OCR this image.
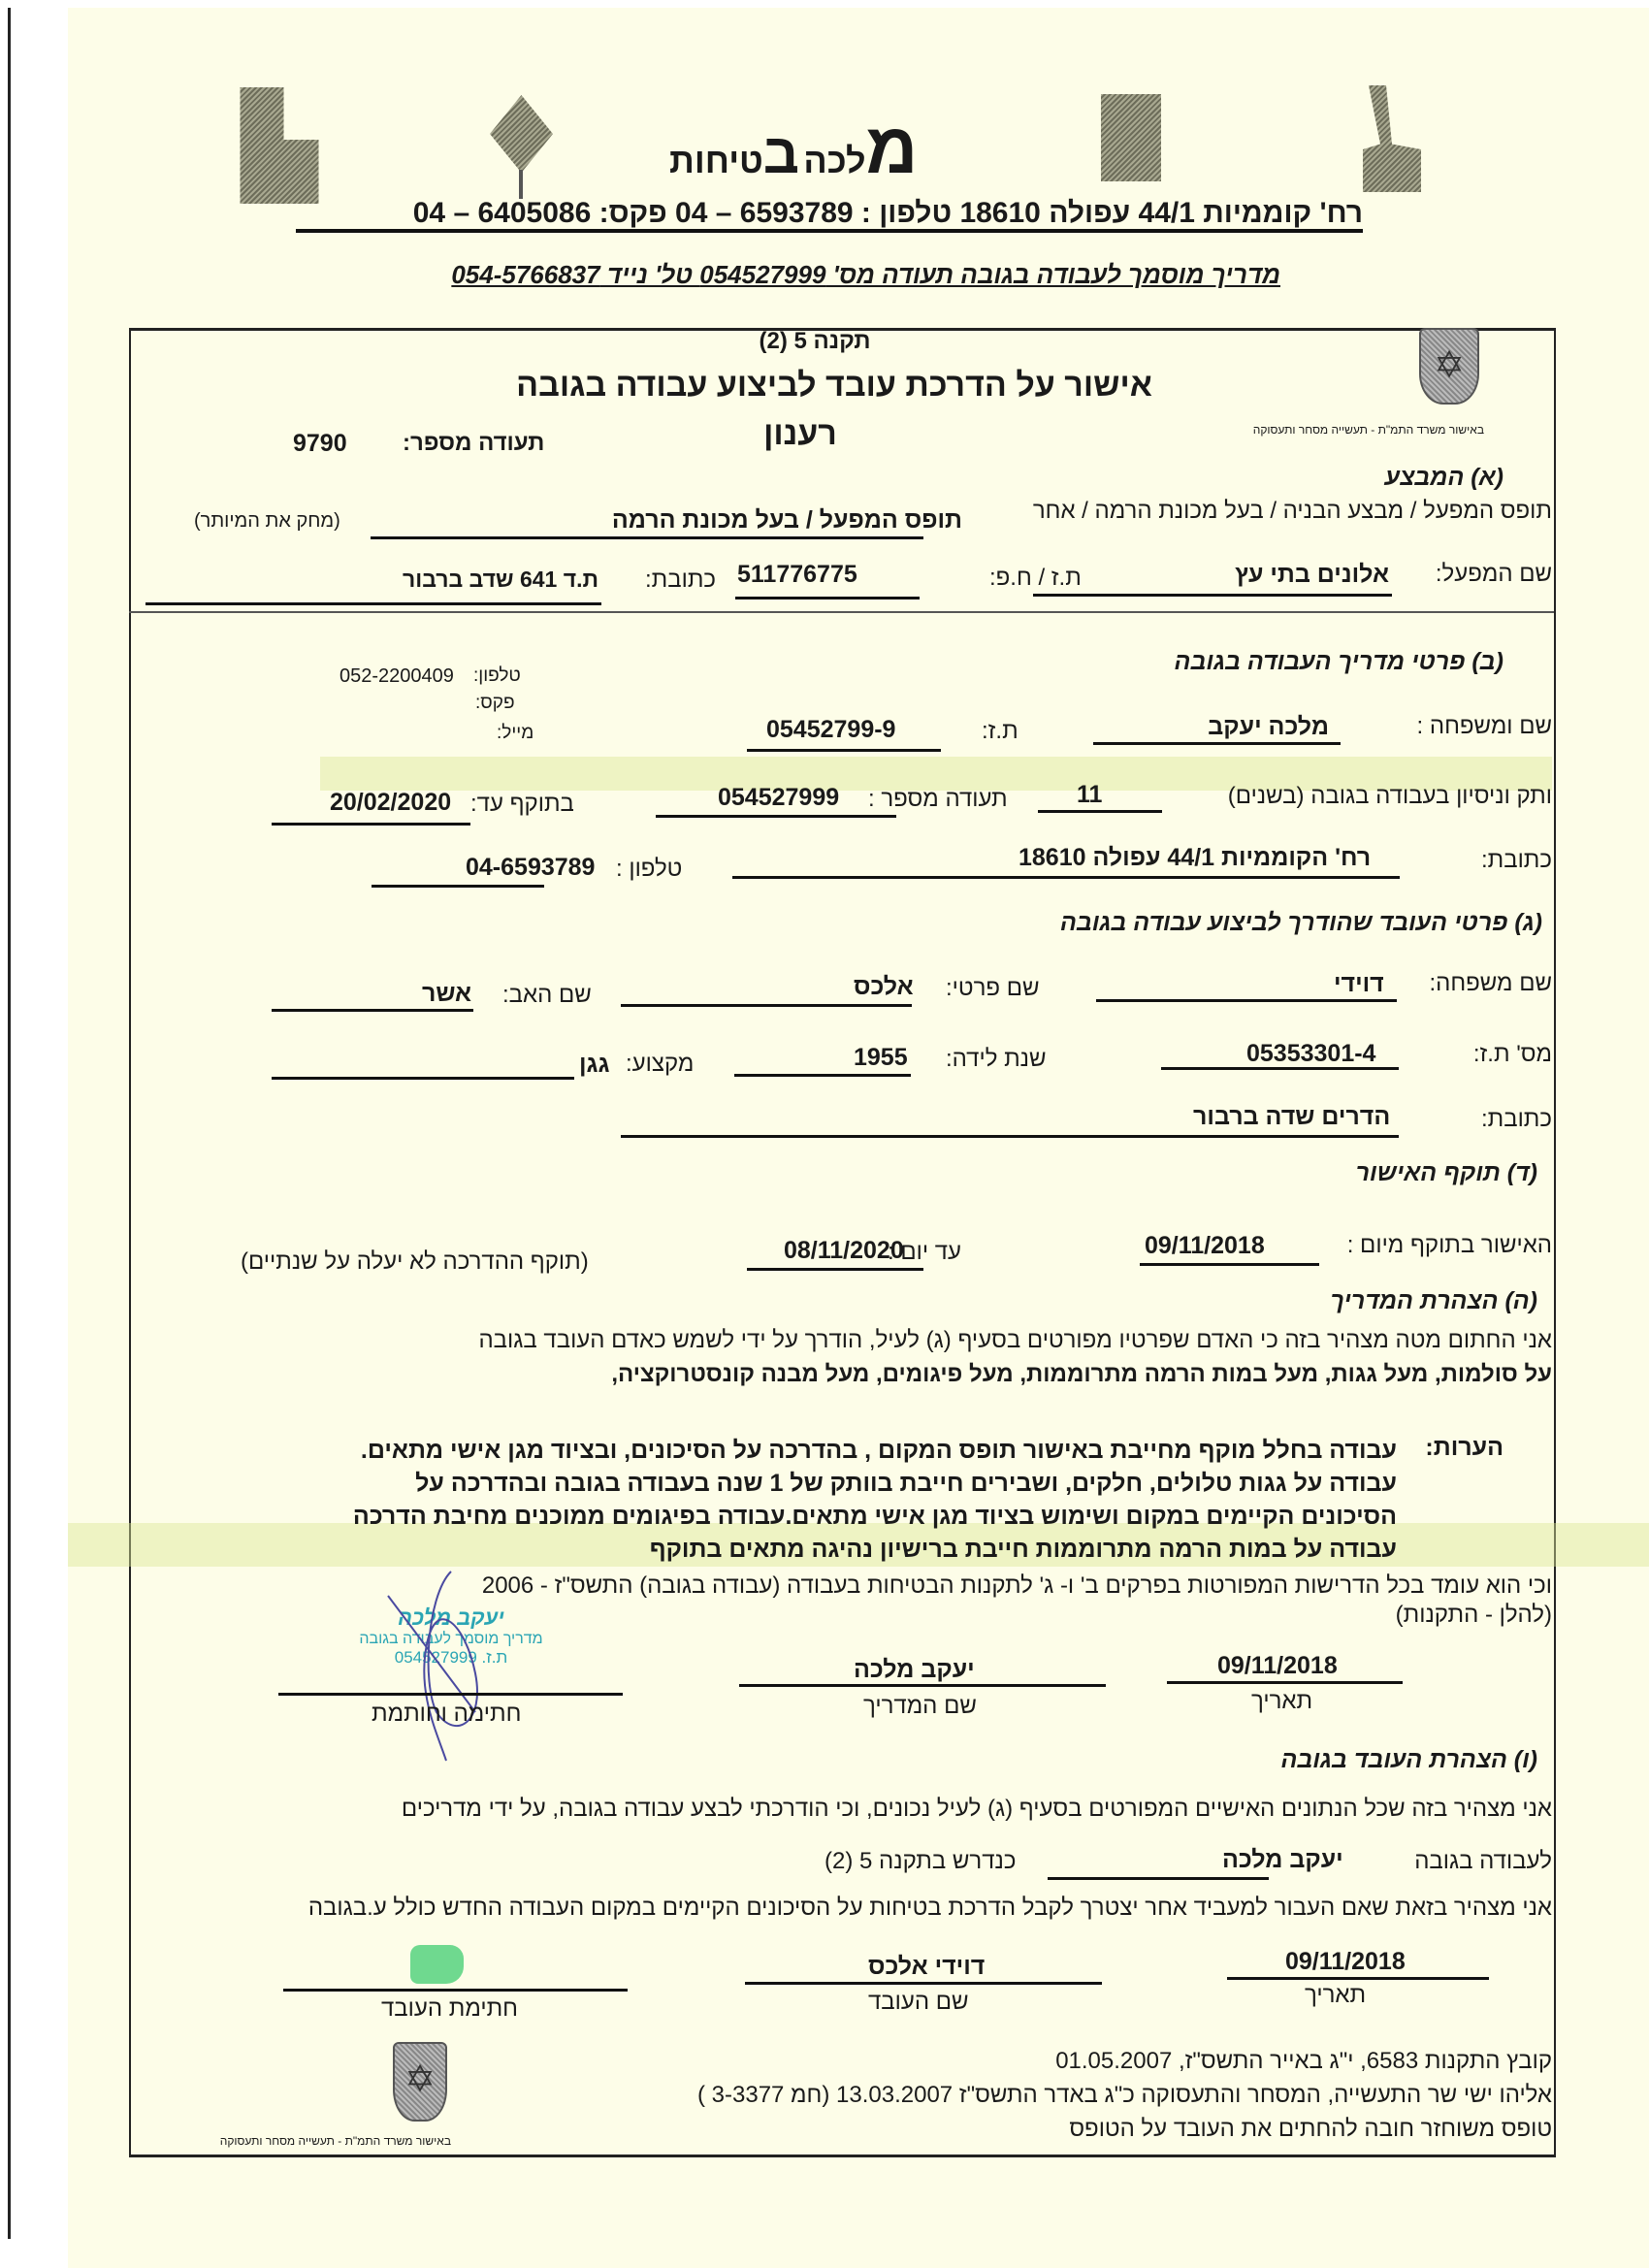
מלכה בטיחות
רח' קוממיות 44/1 עפולה 18610 טלפון : 6593789 – 04 פקס: 6405086 – 04
מדריך מוסמך לעבודה בגובה תעודה מס' 054527999 טל' נייד 054-5766837
✡
באישור משרד התמ"ת - תעשייה מסחר ותעסוקה
תקנה 5 (2)
אישור על הדרכת עובד לביצוע עבודה בגובה
רענון
תעודה מספר:
9790
(א) המבצע
תופס המפעל / מבצע הבניה / בעל מכונת הרמה / אחר
תופס המפעל / בעל מכונת הרמה
(מחק את המיותר)
שם המפעל:
אלונים בתי עץ
ת.ז / ח.פ:
511776775
כתובת:
ת.ד 641 שדב ברבור
(ב) פרטי מדריך העבודה בגובה
טלפון:
052-2200409
פקס:
מייל:	שם ומשפחה :
מלכה יעקב
ת.ז:
05452799-9
ותק וניסיון בעבודה בגובה (בשנים)
11
תעודה מספר :
054527999
בתוקף עד:
20/02/2020
כתובת:
רח' הקוממיות 44/1 עפולה 18610
טלפון :
04-6593789
(ג) פרטי העובד שהודרך לביצוע עבודה בגובה
שם משפחה:
דוידי
שם פרטי:
אלכס
שם האב:
אשר
מס' ת.ז:
05353301-4
שנת לידה:
1955
מקצוע:
גגן
כתובת:
הדרים שדה ברבור
(ד) תוקף האישור
האישור בתוקף מיום :
09/11/2018
עד יום :
08/11/2020
(תוקף ההדרכה לא יעלה על שנתיים)
(ה) הצהרת המדריך
אני החתום מטה מצהיר בזה כי האדם שפרטיו מפורטים בסעיף (ג) לעיל, הודרך על ידי לשמש כאדם העובד בגובה
על סולמות, מעל גגות, מעל במות הרמה מתרוממות, מעל פיגומים, מעל מבנה קונסטרוקציה,
הערות:
עבודה בחלל מוקף מחייבת באישור תופס המקום , בהדרכה על הסיכונים, ובציוד מגן אישי מתאים.
עבודה על גגות טלולים, חלקים, ושבירים חייבת בוותק של 1 שנה בעבודה בגובה ובהדרכה על
הסיכונים הקיימים במקום ושימוש בציוד מגן אישי מתאים.עבודה בפיגומים ממוכנים מחיבת הדרכה
עבודה על במות הרמה מתרוממות חייבת ברישיון נהיגה מתאים בתוקף
וכי הוא עומד בכל הדרישות המפורטות בפרקים ב' ו- ג' לתקנות הבטיחות בעבודה (עבודה בגובה) התשס"ז - 2006
(להלן - התקנות)
יעקב מלכה
מדריך מוסמך לעבודה בגובה
ת.ז. 054527999	09/11/2018
תאריך
יעקב מלכה
שם המדריך
חתימה וחותמת
(ו) הצהרת העובד בגובה
אני מצהיר בזה שכל הנתונים האישיים המפורטים בסעיף (ג) לעיל נכונים, וכי הודרכתי לבצע עבודה בגובה, על ידי מדריכים
לעבודה בגובה
יעקב מלכה
כנדרש בתקנה 5 (2)
אני מצהיר בזאת שאם העבור למעביד אחר יצטרך לקבל הדרכת בטיחות על הסיכונים הקיימים במקום העבודה החדש כולל ע.בגובה
09/11/2018
תאריך
דוידי אלכס
שם העובד
חתימת העובד
✡
באישור משרד התמ"ת - תעשייה מסחר ותעסוקה
קובץ התקנות 6583, י"ג באייר התשס"ז, 01.05.2007
אליהו ישי שר התעשייה, המסחר והתעסוקה כ"ג באדר התשס"ז 13.03.2007 (חמ 3-3377 )
טופס משוחזר חובה להחתים את העובד על הטופס
